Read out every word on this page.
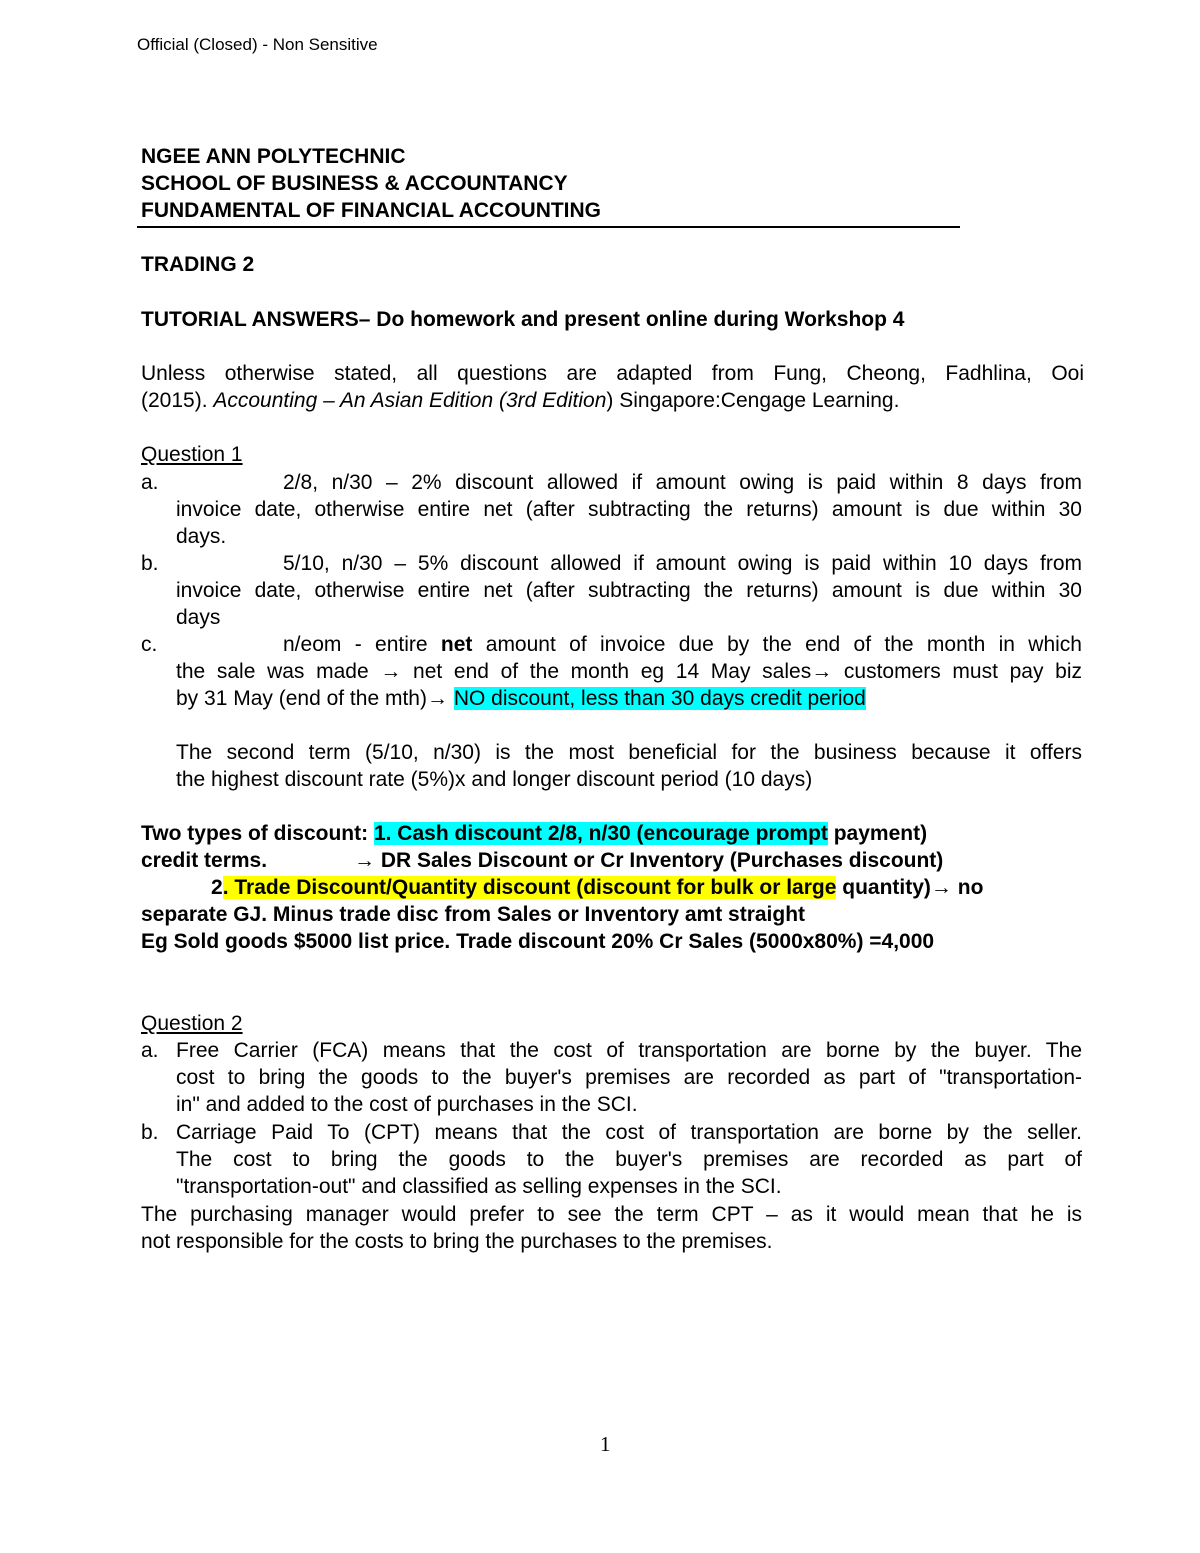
Official (Closed) - Non Sensitive
NGEE ANN POLYTECHNIC
SCHOOL OF BUSINESS & ACCOUNTANCY
FUNDAMENTAL OF FINANCIAL ACCOUNTING
TRADING 2
TUTORIAL ANSWERS– Do homework and present online during Workshop 4
Unless otherwise stated, all questions are adapted from Fung, Cheong, Fadhlina, Ooi
(2015). Accounting – An Asian Edition (3rd Edition) Singapore:Cengage Learning.
Question 1
a.	2/8, n/30 – 2% discount allowed if amount owing is paid within 8 days from
invoice date, otherwise entire net (after subtracting the returns) amount is due within 30
days.
b.	5/10, n/30 – 5% discount allowed if amount owing is paid within 10 days from
invoice date, otherwise entire net (after subtracting the returns) amount is due within 30
days
c.	n/eom - entire net amount of invoice due by the end of the month in which
the sale was made → net end of the month eg 14 May sales→ customers must pay biz
by 31 May (end of the mth)→ NO discount, less than 30 days credit period
The second term (5/10, n/30) is the most beneficial for the business because it offers
the highest discount rate (5%)x and longer discount period (10 days)
Two types of discount: 1. Cash discount 2/8, n/30 (encourage prompt payment)
credit terms.	→ DR Sales Discount or Cr Inventory (Purchases discount)
2. Trade Discount/Quantity discount (discount for bulk or large quantity)→ no
separate GJ. Minus trade disc from Sales or Inventory amt straight
Eg Sold goods $5000 list price. Trade discount 20% Cr Sales (5000x80%) =4,000
Question 2
a. Free Carrier (FCA) means that the cost of transportation are borne by the buyer. The
cost to bring the goods to the buyer's premises are recorded as part of "transportation-
in" and added to the cost of purchases in the SCI.
b. Carriage Paid To (CPT) means that the cost of transportation are borne by the seller.
The cost to bring the goods to the buyer's premises are recorded as part of
"transportation-out" and classified as selling expenses in the SCI.
The purchasing manager would prefer to see the term CPT – as it would mean that he is
not responsible for the costs to bring the purchases to the premises.
1
